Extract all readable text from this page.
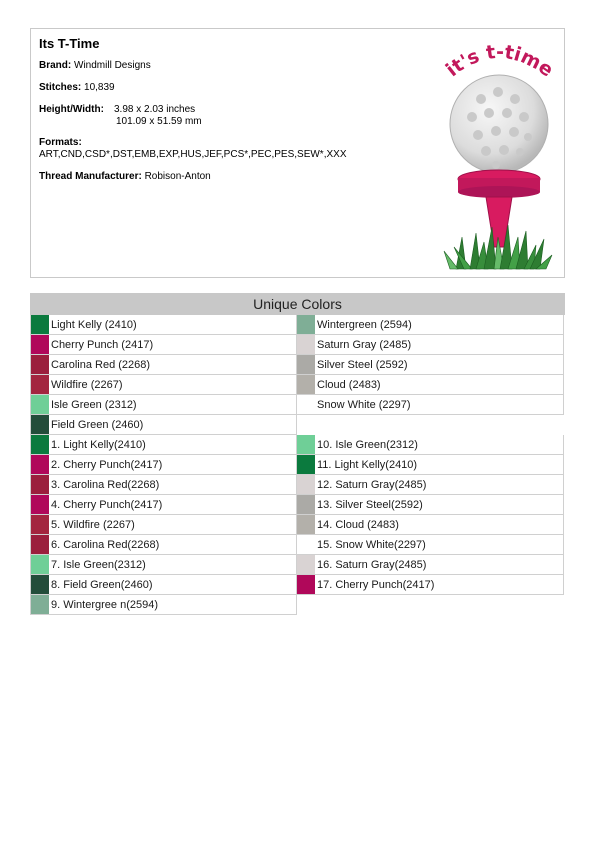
Its T-Time
Brand: Windmill Designs
Stitches: 10,839
Height/Width: 3.98 x 2.03 inches
101.09 x 51.59 mm
Formats:
ART,CND,CSD*,DST,EMB,EXP,HUS,JEF,PCS*,PEC,PES,SEW*,XXX
Thread Manufacturer: Robison-Anton
it's t-time
Unique Colors
Light Kelly (2410)
Cherry Punch (2417)
Carolina Red (2268)
Wildfire (2267)
Isle Green (2312)
Field Green (2460)
Wintergreen (2594)
Saturn Gray (2485)
Silver Steel (2592)
Cloud (2483)
Snow White (2297)
1. Light Kelly(2410)
2. Cherry Punch(2417)
3. Carolina Red(2268)
4. Cherry Punch(2417)
5. Wildfire (2267)
6. Carolina Red(2268)
7. Isle Green(2312)
8. Field Green(2460)
9. Wintergree n(2594)
10. Isle Green(2312)
11. Light Kelly(2410)
12. Saturn Gray(2485)
13. Silver Steel(2592)
14. Cloud (2483)
15. Snow White(2297)
16. Saturn Gray(2485)
17. Cherry Punch(2417)
